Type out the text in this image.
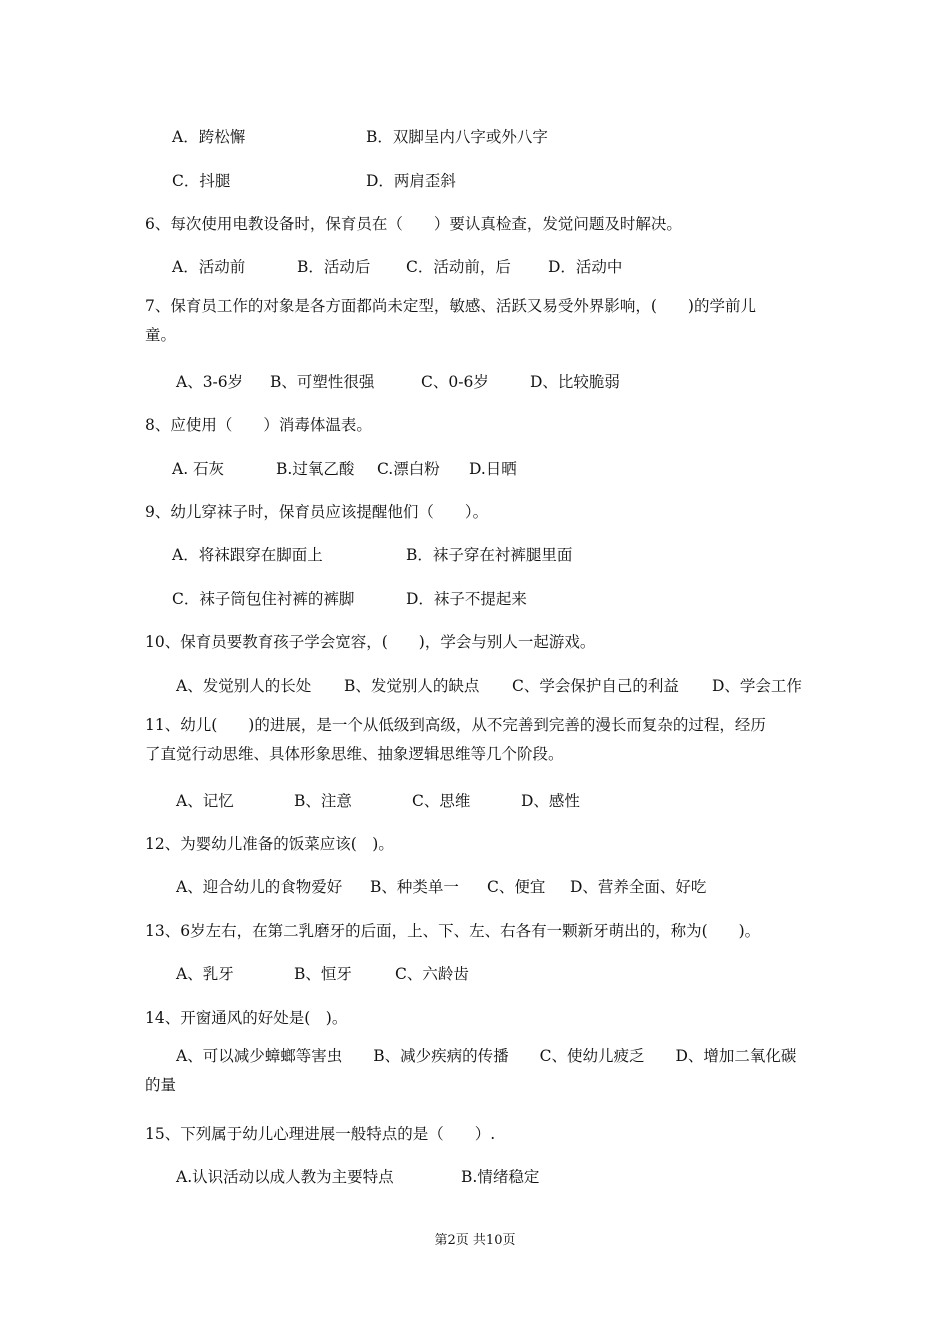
A．跨松懈	B．双脚呈内八字或外八字
C．抖腿	D．两肩歪斜
6、每次使用电教设备时，保育员在（　　）要认真检查，发觉问题及时解决。
A．活动前	B．活动后 C．活动前，后 D．活动中
A、3-6岁 B、可塑性很强	C、0-6岁	D、比较脆弱
8、应使用（　　）消毒体温表。
A. 石灰	B.过氧乙酸 C.漂白粉 D.日晒
9、幼儿穿袜子时，保育员应该提醒他们（　　）。
A．将袜跟穿在脚面上	B．袜子穿在衬裤腿里面
C．袜子筒包住衬裤的裤脚	D．袜子不提起来
10、保育员要教育孩子学会宽容，(　　)，学会与别人一起游戏。
A、发觉别人的长处 B、发觉别人的缺点 C、学会保护自己的利益 D、学会工作
A、记忆	B、注意	C、思维	D、感性
12、为婴幼儿准备的饭菜应该(　)。
A、迎合幼儿的食物爱好 B、种类单一 C、便宜 D、营养全面、好吃
13、6岁左右，在第二乳磨牙的后面，上、下、左、右各有一颗新牙萌出的，称为(　　)。
A、乳牙	B、恒牙	C、六龄齿
14、开窗通风的好处是(　)。
15、下列属于幼儿心理进展一般特点的是（　　）.
A.认识活动以成人教为主要特点	B.情绪稳定
7、保育员工作的对象是各方面都尚未定型，敏感、活跃又易受外界影响，(　　)的学前儿
童。
11、幼儿(　　)的进展，是一个从低级到高级，从不完善到完善的漫长而复杂的过程，经历
了直觉行动思维、具体形象思维、抽象逻辑思维等几个阶段。
　　A、可以减少蟑螂等害虫　　B、减少疾病的传播　　C、使幼儿疲乏　　D、增加二氧化碳
的量
第2页 共10页
